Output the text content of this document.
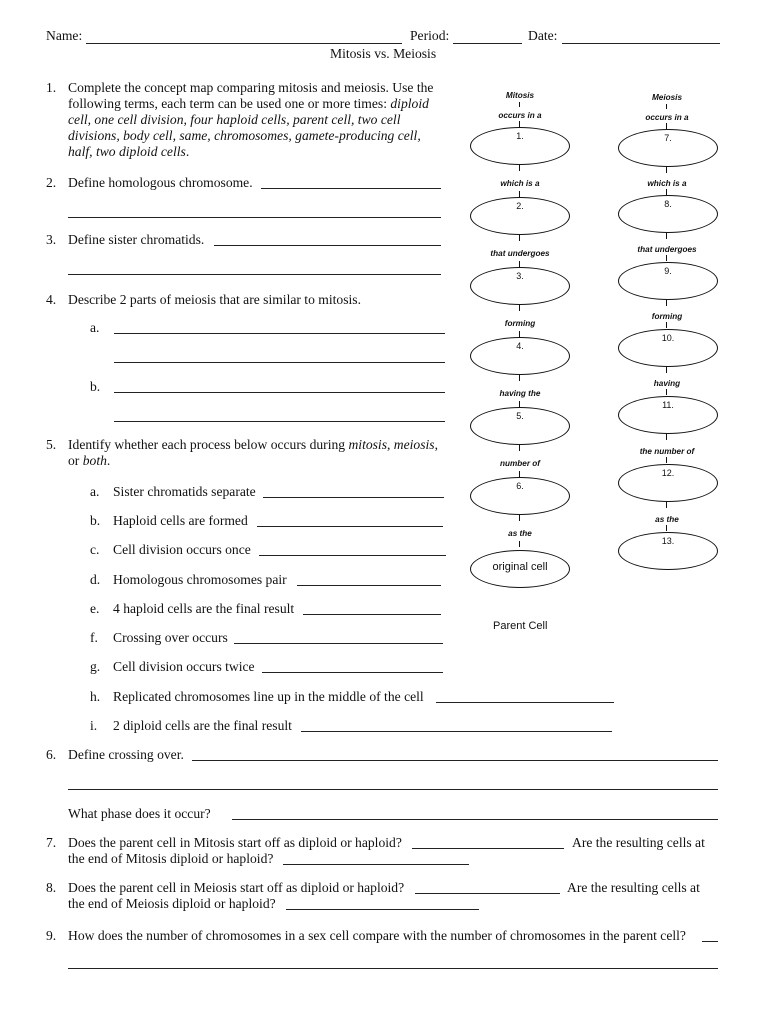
Name:	Period:	Date:
Mitosis vs. Meiosis
1. Complete the concept map comparing mitosis and meiosis. Use the following terms, each term can be used one or more times: diploid cell, one cell division, four haploid cells, parent cell, two cell divisions, body cell, same, chromosomes, gamete-producing cell, half, two diploid cells.
2. Define homologous chromosome.
3. Define sister chromatids.
4. Describe 2 parts of meiosis that are similar to mitosis.
a.
b.
5. Identify whether each process below occurs during mitosis, meiosis,
or both.
a. Sister chromatids separate
b. Haploid cells are formed
c. Cell division occurs once
d. Homologous chromosomes pair
e. 4 haploid cells are the final result
f. Crossing over occurs
g. Cell division occurs twice
h. Replicated chromosomes line up in the middle of the cell
i. 2 diploid cells are the final result
6. Define crossing over.
What phase does it occur?
7. Does the parent cell in Mitosis start off as diploid or haploid?	Are the resulting cells at
the end of Mitosis diploid or haploid?
8. Does the parent cell in Meiosis start off as diploid or haploid?	Are the resulting cells at
the end of Meiosis diploid or haploid?
9. How does the number of chromosomes in a sex cell compare with the number of chromosomes in the parent cell?
Mitosis
occurs in a
1.
which is a
2.
that undergoes
3.
forming
4.
having the
5.
number of
6.
as the
original cell
Parent Cell
Meiosis
occurs in a
7.
which is a
8.
that undergoes
9.
forming
10.
having
11.
the number of
12.
as the
13.
